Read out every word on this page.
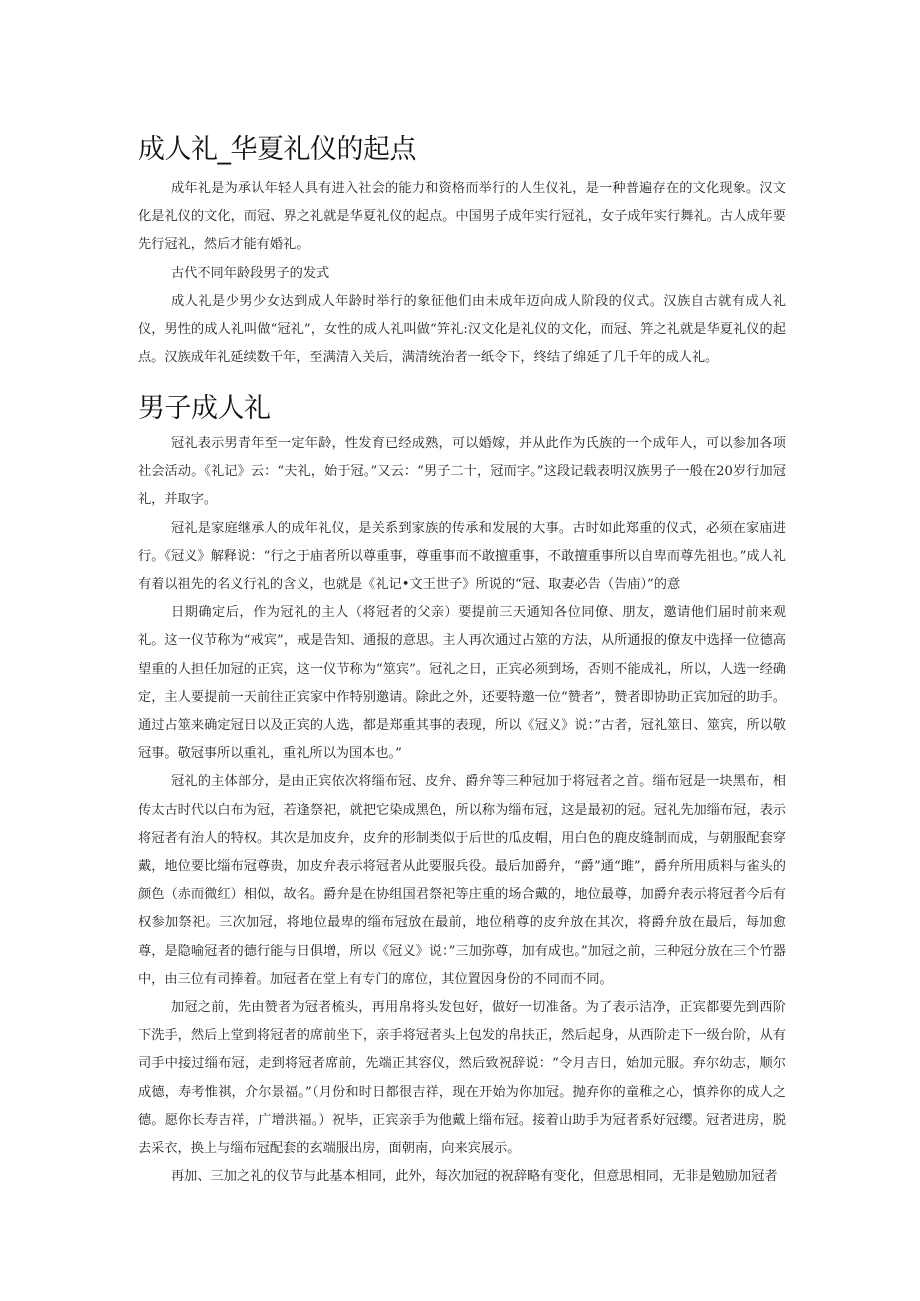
成人礼_华夏礼仪的起点

成年礼是为承认年轻人具有进入社会的能力和资格而举行的人生仪礼，是一种普遍存在的文化现象。汉文化是礼仪的文化，而冠、界之礼就是华夏礼仪的起点。中国男子成年实行冠礼，女子成年实行舞礼。古人成年要先行冠礼，然后才能有婚礼。

古代不同年龄段男子的发式

成人礼是少男少女达到成人年龄时举行的象征他们由未成年迈向成人阶段的仪式。汉族自古就有成人礼仪，男性的成人礼叫做“冠礼”，女性的成人礼叫做“笄礼:汉文化是礼仪的文化，而冠、笄之礼就是华夏礼仪的起点。汉族成年礼延续数千年，至满清入关后，满清统治者一纸令下，终结了绵延了几千年的成人礼。

男子成人礼

冠礼表示男青年至一定年龄，性发育已经成熟，可以婚嫁，并从此作为氏族的一个成年人，可以参加各项社会活动。《礼记》云：“夫礼，始于冠。”又云：“男子二十，冠而字。”这段记载表明汉族男子一般在20岁行加冠礼，并取字。

冠礼是家庭继承人的成年礼仪，是关系到家族的传承和发展的大事。古时如此郑重的仪式，必须在家庙进行。《冠义》解释说：“行之于庙者所以尊重事，尊重事而不敢擅重事，不敢擅重事所以自卑而尊先祖也。”成人礼有着以祖先的名义行礼的含义，也就是《礼记•文王世子》所说的“冠、取妻必告（告庙）”的意

日期确定后，作为冠礼的主人（将冠者的父亲）要提前三天通知各位同僚、朋友，邀请他们届时前来观礼。这一仪节称为“戒宾”，戒是告知、通报的意思。主人再次通过占筮的方法，从所通报的僚友中选择一位德高望重的人担任加冠的正宾，这一仪节称为“筮宾”。冠礼之日，正宾必须到场，否则不能成礼，所以，人选一经确定，主人要提前一天前往正宾家中作特别邀请。除此之外，还要特邀一位“赞者”，赞者即协助正宾加冠的助手。通过占筮来确定冠日以及正宾的人选，都是郑重其事的表现，所以《冠义》说：”古者，冠礼筮日、筮宾，所以敬冠事。敬冠事所以重礼，重礼所以为国本也。”

冠礼的主体部分，是由正宾依次将缁布冠、皮弁、爵弁等三种冠加于将冠者之首。缁布冠是一块黑布，相传太古时代以白布为冠，若逢祭祀，就把它染成黑色，所以称为缁布冠，这是最初的冠。冠礼先加缁布冠，表示将冠者有治人的特权。其次是加皮弁，皮弁的形制类似于后世的瓜皮帽，用白色的鹿皮缝制而成，与朝服配套穿戴，地位要比缁布冠尊贵，加皮弁表示将冠者从此要服兵役。最后加爵弁，“爵”通“雎”，爵弁所用质料与雀头的颜色（赤而微红）相似，故名。爵弁是在协组国君祭祀等庄重的场合戴的，地位最尊，加爵弁表示将冠者今后有权参加祭祀。三次加冠，将地位最卑的缁布冠放在最前，地位稍尊的皮弁放在其次，将爵弁放在最后，每加愈尊，是隐喻冠者的德行能与日俱增，所以《冠义》说：”三加弥尊，加有成也。”加冠之前，三种冠分放在三个竹器中，由三位有司捧着。加冠者在堂上有专门的席位，其位置因身份的不同而不同。

加冠之前，先由赞者为冠者梳头，再用帛将头发包好，做好一切准备。为了表示洁净，正宾都要先到西阶下洗手，然后上堂到将冠者的席前坐下，亲手将冠者头上包发的帛扶正，然后起身，从西阶走下一级台阶，从有司手中接过缁布冠，走到将冠者席前，先端正其容仪，然后致祝辞说：“令月吉日，始加元服。弃尔幼志，顺尔成德，寿考惟祺，介尔景福。”（月份和时日都很吉祥，现在开始为你加冠。抛弃你的童稚之心，慎养你的成人之德。愿你长寿吉祥，广增洪福。）祝毕，正宾亲手为他戴上缁布冠。接着山助手为冠者系好冠缨。冠者进房，脱去采衣，换上与缁布冠配套的玄端服出房，面朝南，向来宾展示。

再加、三加之礼的仪节与此基本相同，此外，每次加冠的祝辞略有变化，但意思相同，无非是勉励加冠者
